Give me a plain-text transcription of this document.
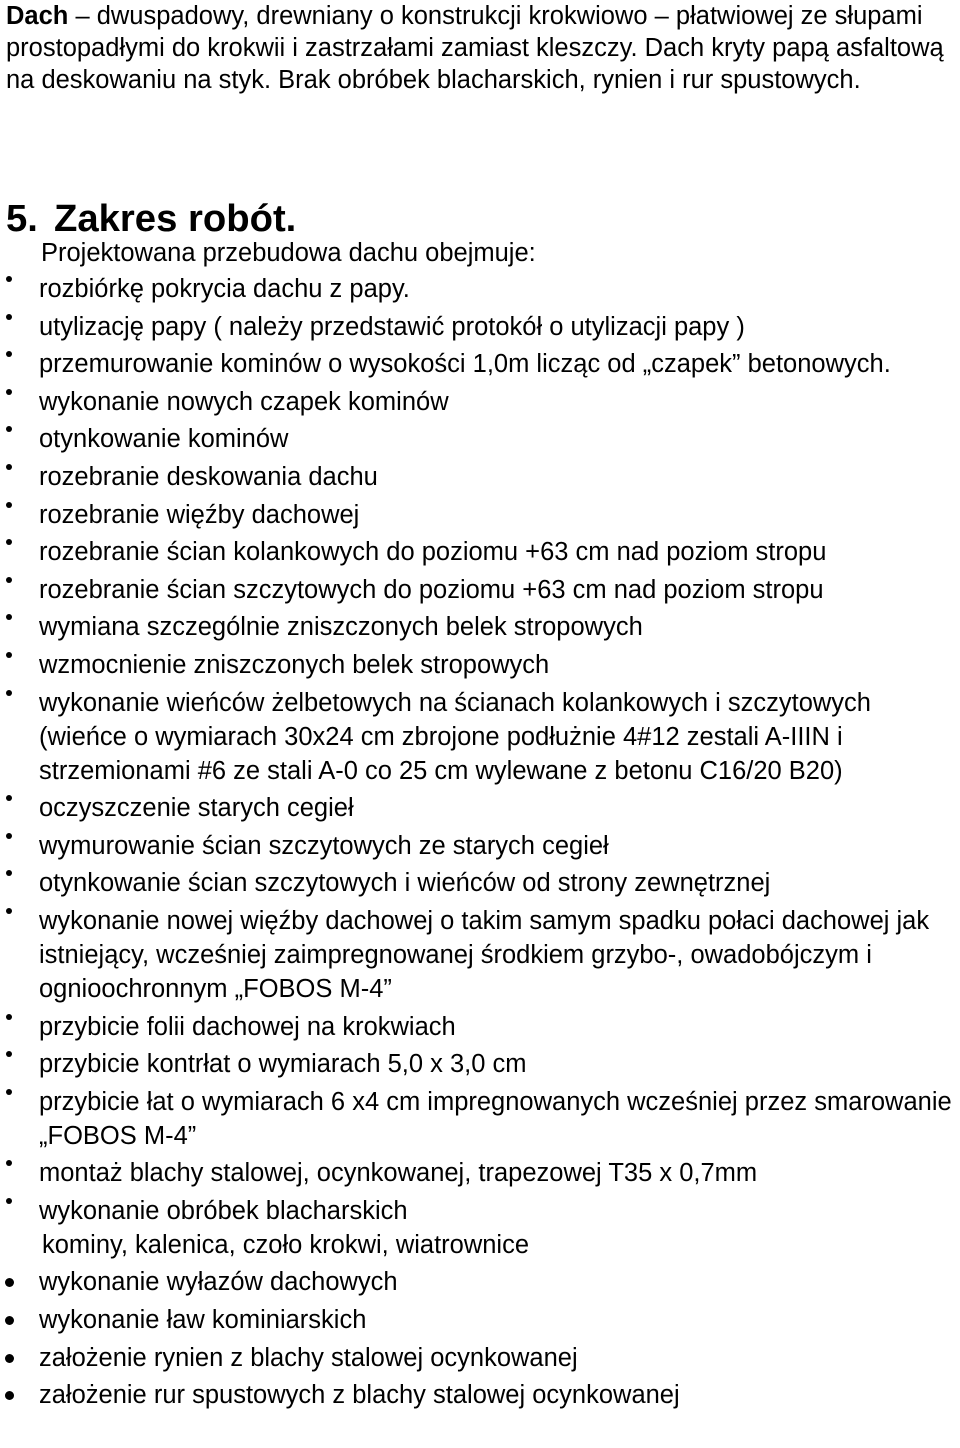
Dach – dwuspadowy, drewniany o konstrukcji krokwiowo – płatwiowej ze słupami prostopadłymi do krokwii i zastrzałami zamiast kleszczy. Dach kryty papą asfaltową na deskowaniu na styk. Brak obróbek blacharskich, rynien i rur spustowych.

5. Zakres robót.

Projektowana przebudowa dachu obejmuje:

rozbiórkę pokrycia dachu z papy.
utylizację papy ( należy przedstawić protokół o utylizacji papy )
przemurowanie kominów o wysokości 1,0m licząc od „czapek” betonowych.
wykonanie nowych czapek kominów
otynkowanie kominów
rozebranie deskowania dachu
rozebranie więźby dachowej
rozebranie ścian kolankowych do poziomu +63 cm nad poziom stropu
rozebranie ścian szczytowych do poziomu +63 cm nad poziom stropu
wymiana szczególnie zniszczonych belek stropowych
wzmocnienie zniszczonych belek stropowych
wykonanie wieńców żelbetowych na ścianach kolankowych i szczytowych (wieńce o wymiarach 30x24 cm zbrojone podłużnie 4#12 zestali A-IIIN i strzemionami #6 ze stali A-0 co 25 cm wylewane z betonu C16/20 B20)
oczyszczenie starych cegieł
wymurowanie ścian szczytowych ze starych cegieł
otynkowanie ścian szczytowych i wieńców od strony zewnętrznej
wykonanie nowej więźby dachowej o takim samym spadku połaci dachowej jak istniejący, wcześniej zaimpregnowanej środkiem grzybo-, owadobójczym i ognioochronnym „FOBOS M-4”
przybicie folii dachowej na krokwiach
przybicie kontrłat o wymiarach 5,0 x 3,0 cm
przybicie łat o wymiarach 6 x4 cm impregnowanych wcześniej przez smarowanie „FOBOS M-4”
montaż blachy stalowej, ocynkowanej, trapezowej T35 x 0,7mm
wykonanie obróbek blacharskich
kominy, kalenica, czoło krokwi, wiatrownice
wykonanie wyłazów dachowych
wykonanie ław kominiarskich
założenie rynien z blachy stalowej ocynkowanej
założenie rur spustowych z blachy stalowej ocynkowanej
